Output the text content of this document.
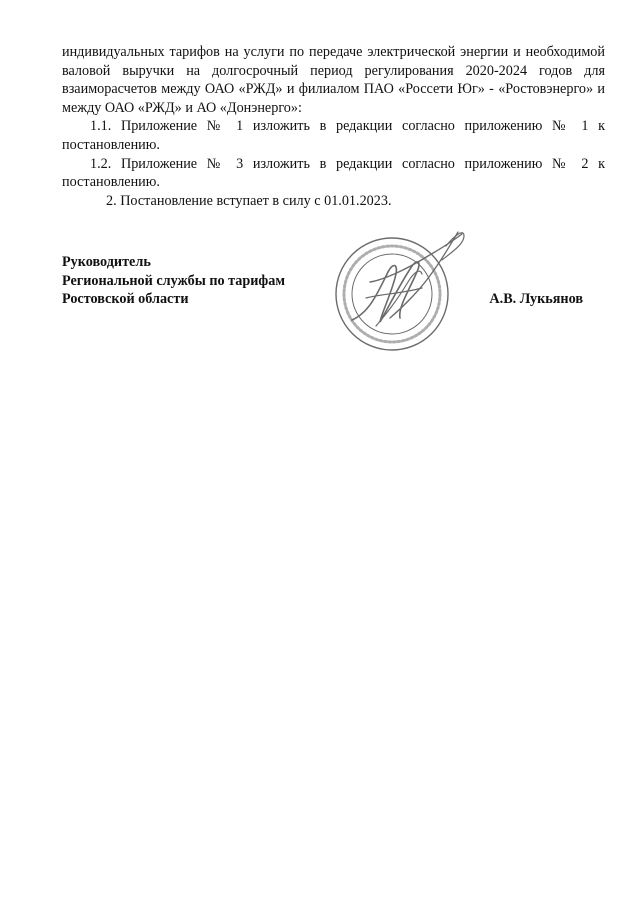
индивидуальных тарифов на услуги по передаче электрической энергии и необходимой валовой выручки на долгосрочный период регулирования 2020-2024 годов для взаиморасчетов между ОАО «РЖД» и филиалом ПАО «Россети Юг» - «Ростовэнерго» и между ОАО «РЖД» и АО «Донэнерго»:

1.1. Приложение № 1 изложить в редакции согласно приложению № 1 к постановлению.

1.2. Приложение № 3 изложить в редакции согласно приложению № 2 к постановлению.

2. Постановление вступает в силу с 01.01.2023.

Руководитель
Региональной службы по тарифам
Ростовской области	А.В. Лукьянов
